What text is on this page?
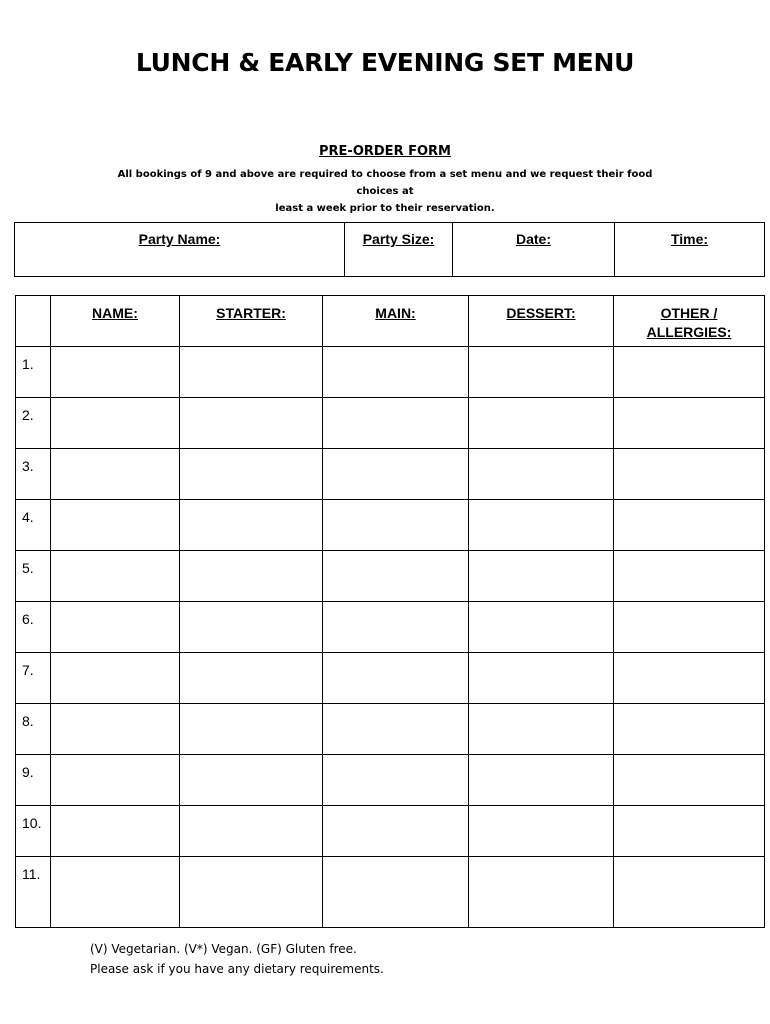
LUNCH & EARLY EVENING SET MENU
PRE-ORDER FORM
All bookings of 9 and above are required to choose from a set menu and we request their food choices at
least a week prior to their reservation.
Party Name:	Party Size:	Date:	Time:

	NAME:	STARTER:	MAIN:	DESSERT:	OTHER /
ALLERGIES:

1.					

2.					

3.					

4.					

5.					

6.					

7.					

8.					

9.					

10.					

11.					

(V) Vegetarian. (V*) Vegan. (GF) Gluten free.
Please ask if you have any dietary requirements.
